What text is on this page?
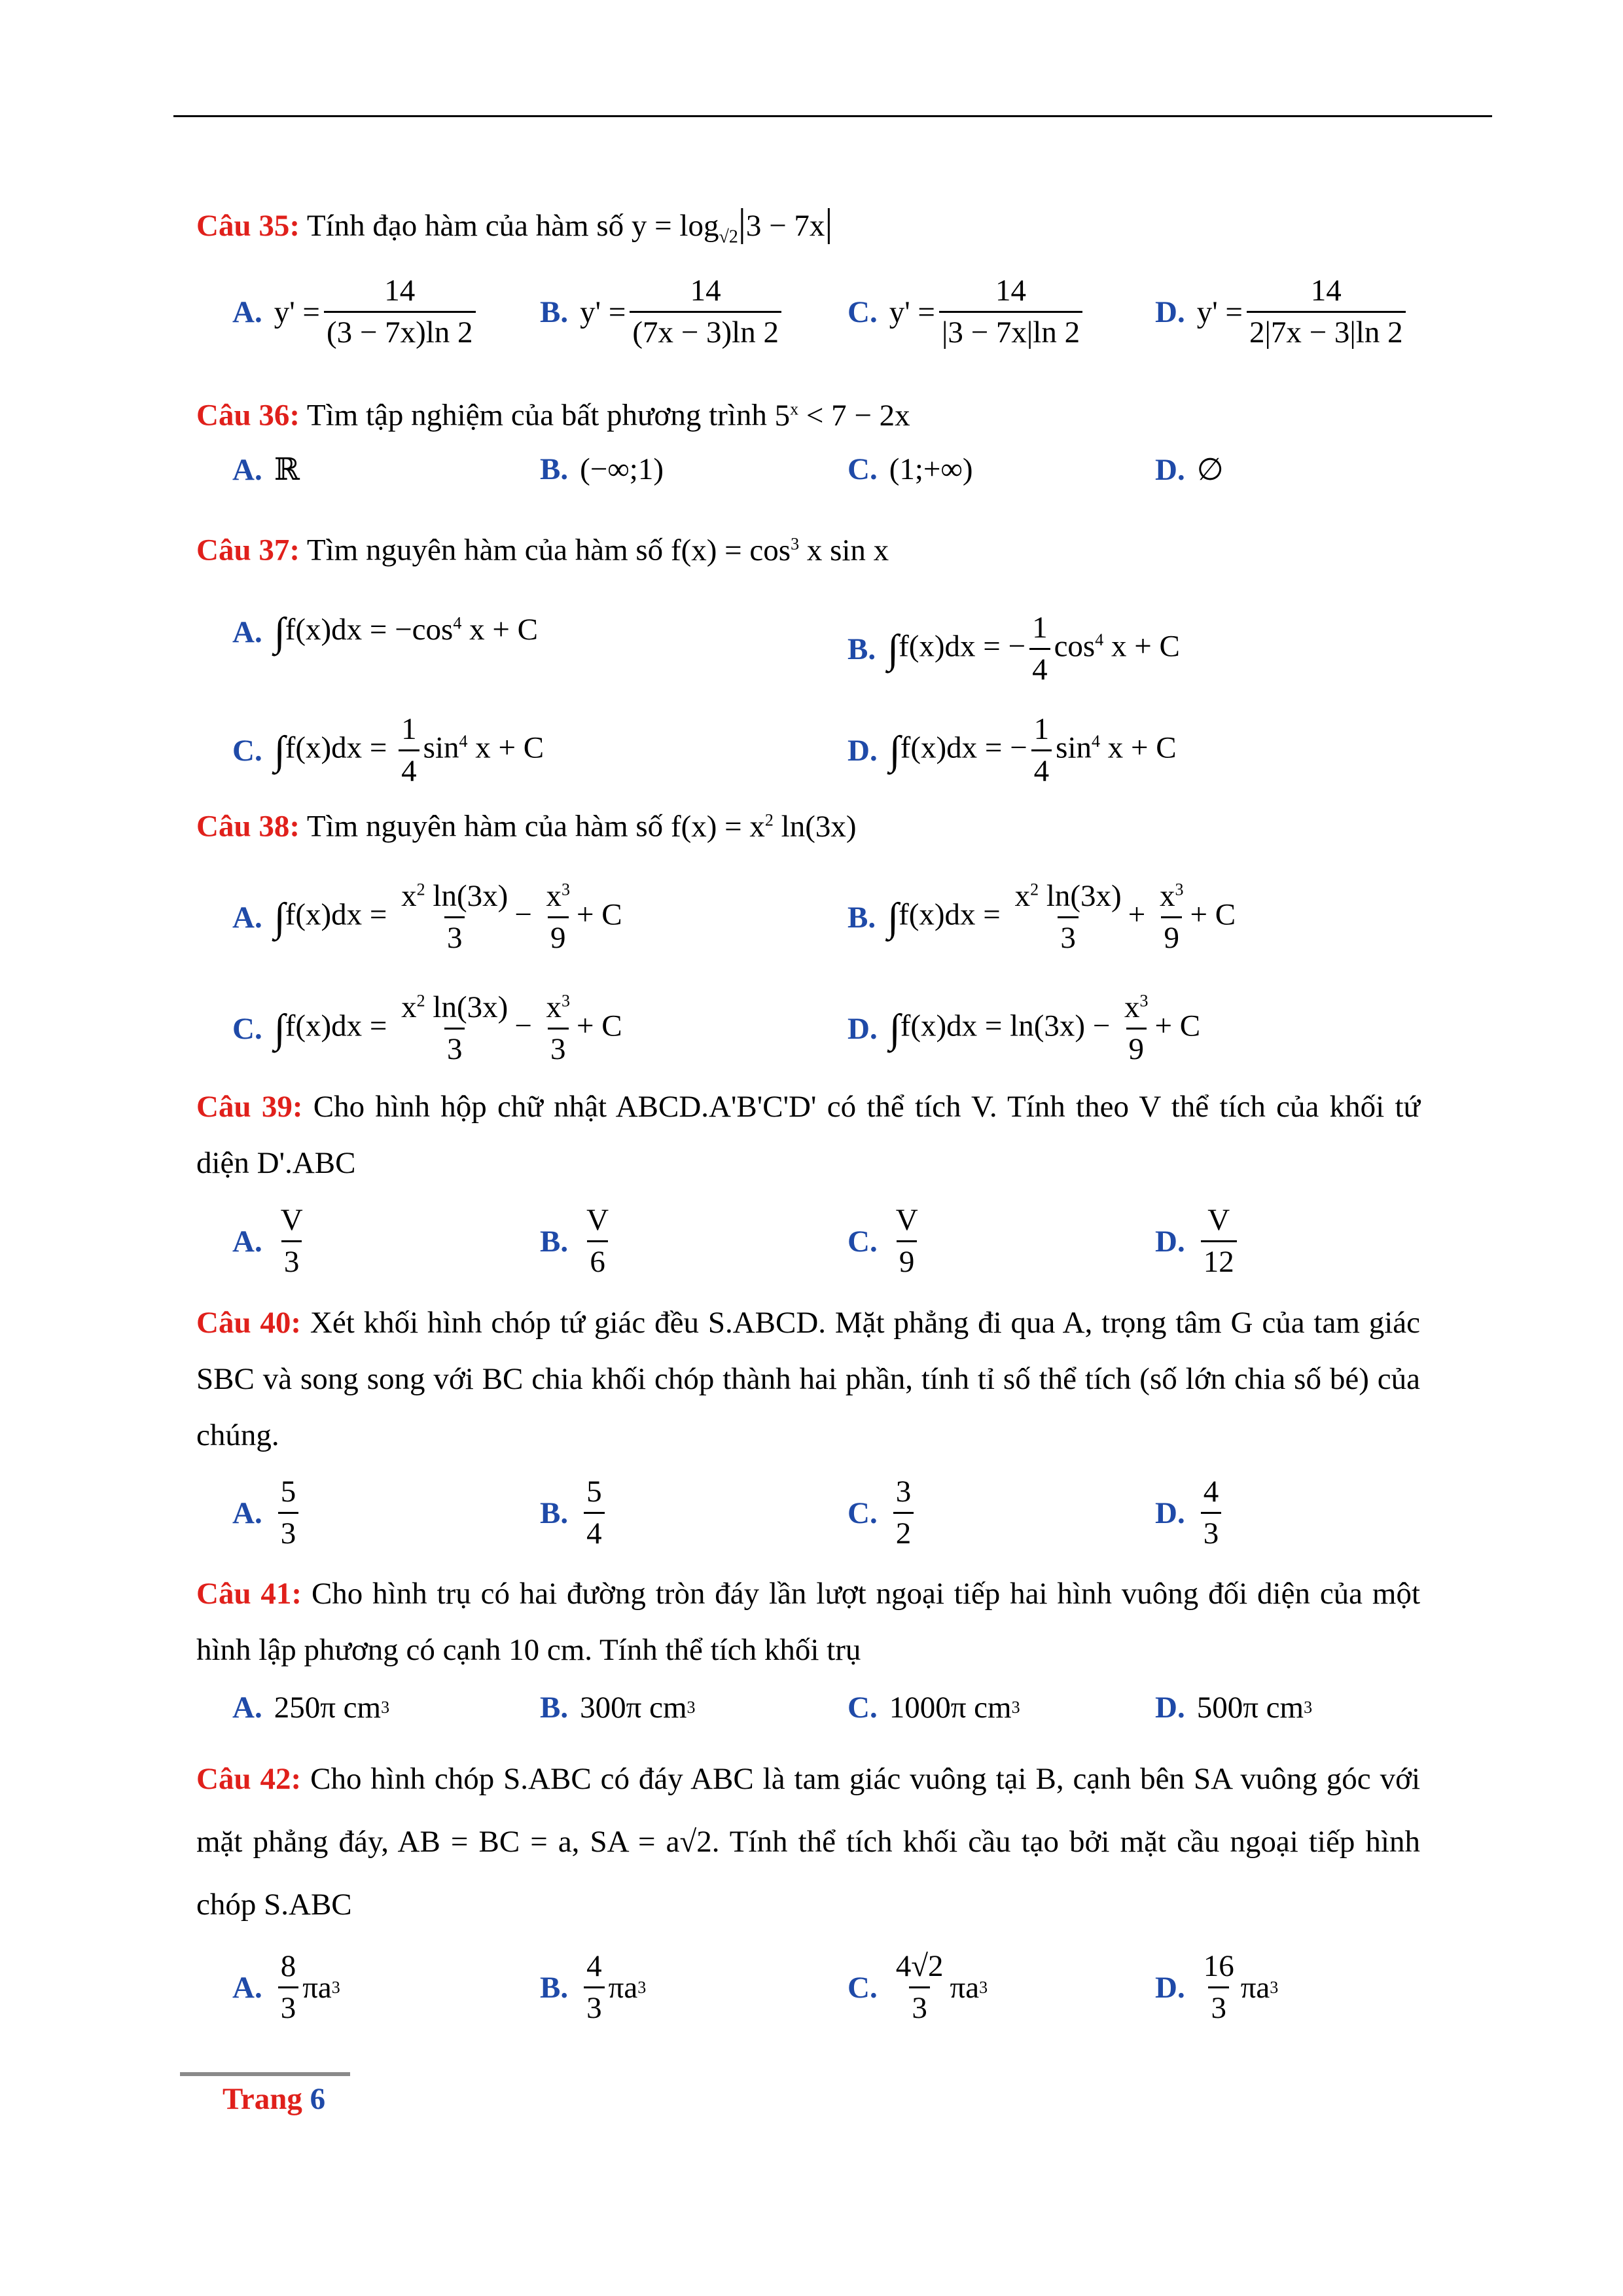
Câu 35: Tính đạo hàm của hàm số $y = \log_{√2}|3 - 7x|$
A. $y' = \frac{14}{(3 - 7x)\ln 2} B$. $y' = \frac{14}{(7x - 3)\ln 2} C$. $y' = \frac{14}{|3 - 7x|\ln 2} D$. $y' = \frac{14}{2|7x - 3|\ln 2}$
Câu 36: Tìm tập nghiệm của bất phương trình $5^x < 7 - 2x$
A. ℝ	B. (−∞;1)	C. (1;+∞)	D. ∅
Câu 37: Tìm nguyên hàm của hàm số $f(x) = \cos^3 x$ sin x
A. $\int f(x)dx = -\cos^4$ x + C
B. ∫f(x)dx = − $\frac{1}{4} \cos^4 x + C$
C. $\int f(x)dx = \frac{1}{4} \sin^4 x + C$	D. ∫f(x)dx = − $\frac{1}{4} \sin^4 x + C$
Câu 38: Tìm nguyên hàm của hàm số $f(x) = x^2$ ln(3x)
A. $\int f(x)dx = \frac{x^2 \ln(3x)}{3} - \frac{x^3}{9} + C$	B. $\int f(x)dx = \frac{x^2 \ln(3x)}{3} + \frac{x^3}{9} + C$
C. $\int f(x)dx = \frac{x^2 \ln(3x)}{3} - \frac{x^3}{3} + C$	D. $\int f(x)dx = \ln(3x) - \frac{x^3}{9} + C$
Câu 39: Cho hình hộp chữ nhật ABCD.A'B'C'D' có thể tích V. Tính theo V thể tích của khối tứ diện D'.ABC
A. $\frac{V}{3}$	B. $\frac{V}{6}$	C. $\frac{V}{9}$	D. $\frac{V}{12}$
Câu 40: Xét khối hình chóp tứ giác đều S.ABCD. Mặt phẳng đi qua A, trọng tâm G của tam giác SBC và song song với BC chia khối chóp thành hai phần, tính tỉ số thể tích (số lớn chia số bé) của chúng.
A. $\frac{5}{3}$	B. $\frac{5}{4}$	C. $\frac{3}{2}$	D. $\frac{4}{3}$
Câu 41: Cho hình trụ có hai đường tròn đáy lần lượt ngoại tiếp hai hình vuông đối diện của một hình lập phương có cạnh 10 cm. Tính thể tích khối trụ
A. 250π cm 3	B. 300π cm 3	C. 1000π cm 3	D. 500π cm 3
Câu 42: Cho hình chóp S.ABC có đáy ABC là tam giác vuông tại B, cạnh bên SA vuông góc với mặt phẳng đáy, AB = BC = a, SA = a√2. Tính thể tích khối cầu tạo bởi mặt cầu ngoại tiếp hình chóp S.ABC
A. $\frac{8}{3}$ πa 3	B. $\frac{4}{3}$ πa 3	C. $\frac{4√2}{3}$ πa 3	D. $\frac{16}{3}$ πa 3
Trang 6
